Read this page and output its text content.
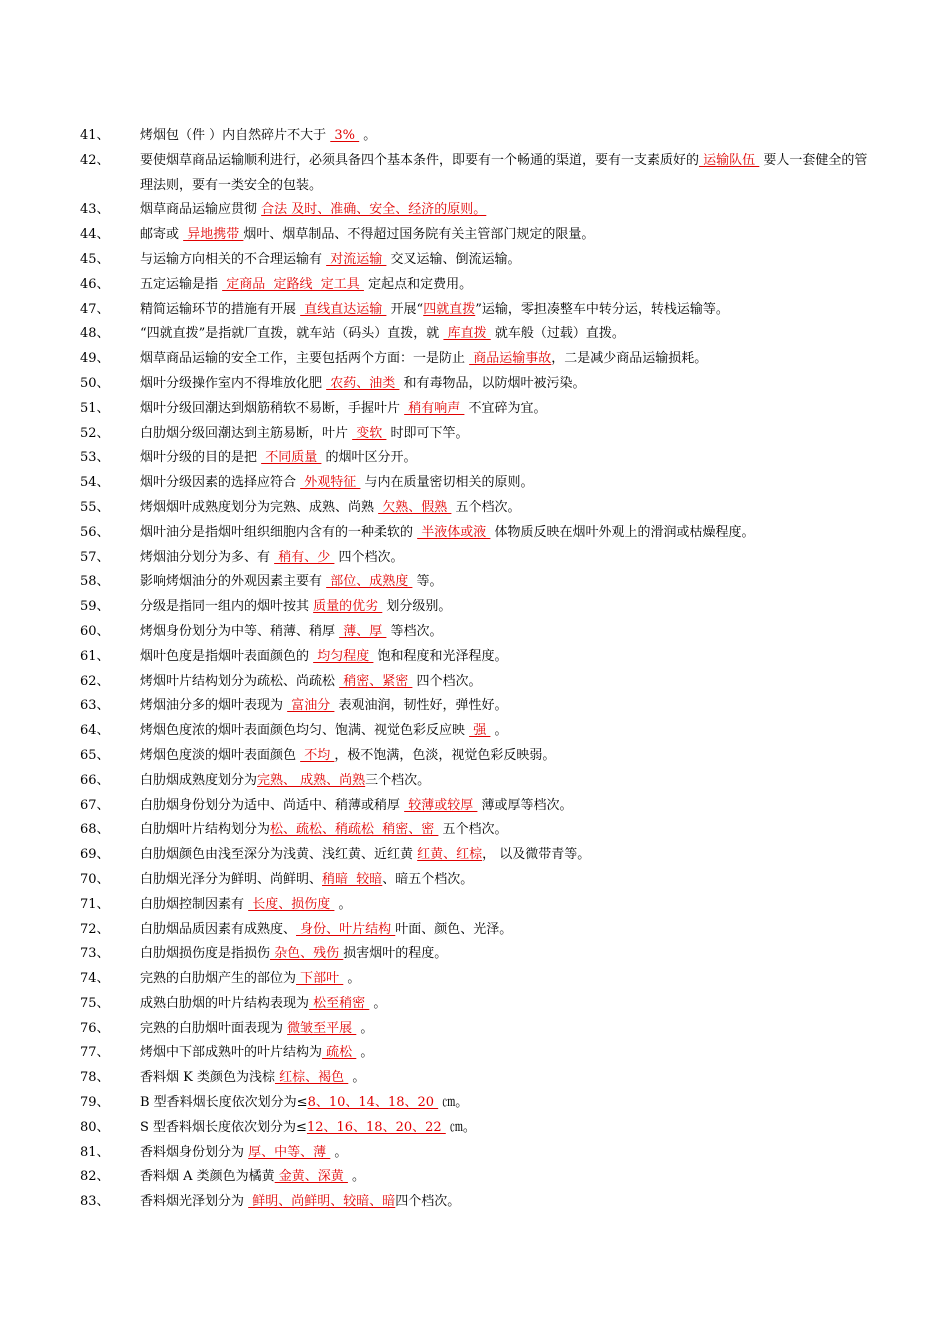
41、	烤烟包（件 ）内自然碎片不大于  3%  。
42、	要使烟草商品运输顺利进行，必须具备四个基本条件，即要有一个畅通的渠道，要有一支素质好的 运输队伍  要人一套健全的管理法则，要有一类安全的包装。
43、	烟草商品运输应贯彻 合法 及时、准确、安全、经济的原则。
44、	邮寄或  异地携带 烟叶、烟草制品、不得超过国务院有关主管部门规定的限量。
45、	与运输方向相关的不合理运输有  对流运输  交叉运输、倒流运输。
46、	五定运输是指  定商品  定路线  定工具  定起点和定费用。
47、	精简运输环节的措施有开展  直线直达运输  开展“四就直拨”运输，零担凑整车中转分运，转栈运输等。
48、	“四就直拨”是指就厂直拨，就车站（码头）直拨，就  库直拨  就车般（过载）直拨。
49、	烟草商品运输的安全工作，主要包括两个方面：一是防止  商品运输事故，二是减少商品运输损耗。
50、	烟叶分级操作室内不得堆放化肥  农药、油类  和有毒物品，以防烟叶被污染。
51、	烟叶分级回潮达到烟筋稍软不易断，手握叶片  稍有响声  不宜碎为宜。
52、	白肋烟分级回潮达到主筋易断，叶片  变软  时即可下竿。
53、	烟叶分级的目的是把  不同质量  的烟叶区分开。
54、	烟叶分级因素的选择应符合  外观特征  与内在质量密切相关的原则。
55、	烤烟烟叶成熟度划分为完熟、成熟、尚熟  欠熟、假熟  五个档次。
56、	烟叶油分是指烟叶组织细胞内含有的一种柔软的  半液体或液  体物质反映在烟叶外观上的滑润或枯燥程度。
57、	烤烟油分划分为多、有  稍有、少  四个档次。
58、	影响烤烟油分的外观因素主要有  部位、成熟度  等。
59、	分级是指同一组内的烟叶按其 质量的优劣  划分级别。
60、	烤烟身份划分为中等、稍薄、稍厚  薄、厚  等档次。
61、	烟叶色度是指烟叶表面颜色的  均匀程度  饱和程度和光泽程度。
62、	烤烟叶片结构划分为疏松、尚疏松  稍密、紧密  四个档次。
63、	烤烟油分多的烟叶表现为  富油分  表观油润，韧性好，弹性好。
64、	烤烟色度浓的烟叶表面颜色均匀、饱满、视觉色彩反应映  强  。
65、	烤烟色度淡的烟叶表面颜色  不均 ，极不饱满，色淡，视觉色彩反映弱。
66、	白肋烟成熟度划分为完熟、 成熟、尚熟三个档次。
67、	白肋烟身份划分为适中、尚适中、稍薄或稍厚  较薄或较厚  薄或厚等档次。
68、	白肋烟叶片结构划分为松、疏松、稍疏松  稍密、密  五个档次。
69、	白肋烟颜色由浅至深分为浅黄、浅红黄、近红黄 红黄、红棕， 以及微带青等。
70、	白肋烟光泽分为鲜明、尚鲜明、稍暗  较暗、暗五个档次。
71、	白肋烟控制因素有  长度、损伤度  。
72、	白肋烟品质因素有成熟度、 身份、叶片结构 叶面、颜色、光泽。
73、	白肋烟损伤度是指损伤 杂色、残伤 损害烟叶的程度。
74、	完熟的白肋烟产生的部位为 下部叶  。
75、	成熟白肋烟的叶片结构表现为 松至稍密  。
76、	完熟的白肋烟叶面表现为 微皱至平展  。
77、	烤烟中下部成熟叶的叶片结构为 疏松  。
78、	香料烟 K 类颜色为浅棕 红棕、褐色  。
79、	B 型香料烟长度依次划分为≤8、10、14、18、20  ㎝。
80、	S 型香料烟长度依次划分为≤12、16、18、20、22  ㎝。
81、	香料烟身份划分为 厚、中等、薄  。
82、	香料烟 A 类颜色为橘黄 金黄、深黄  。
83、	香料烟光泽划分为  鲜明、尚鲜明、较暗、暗四个档次。
